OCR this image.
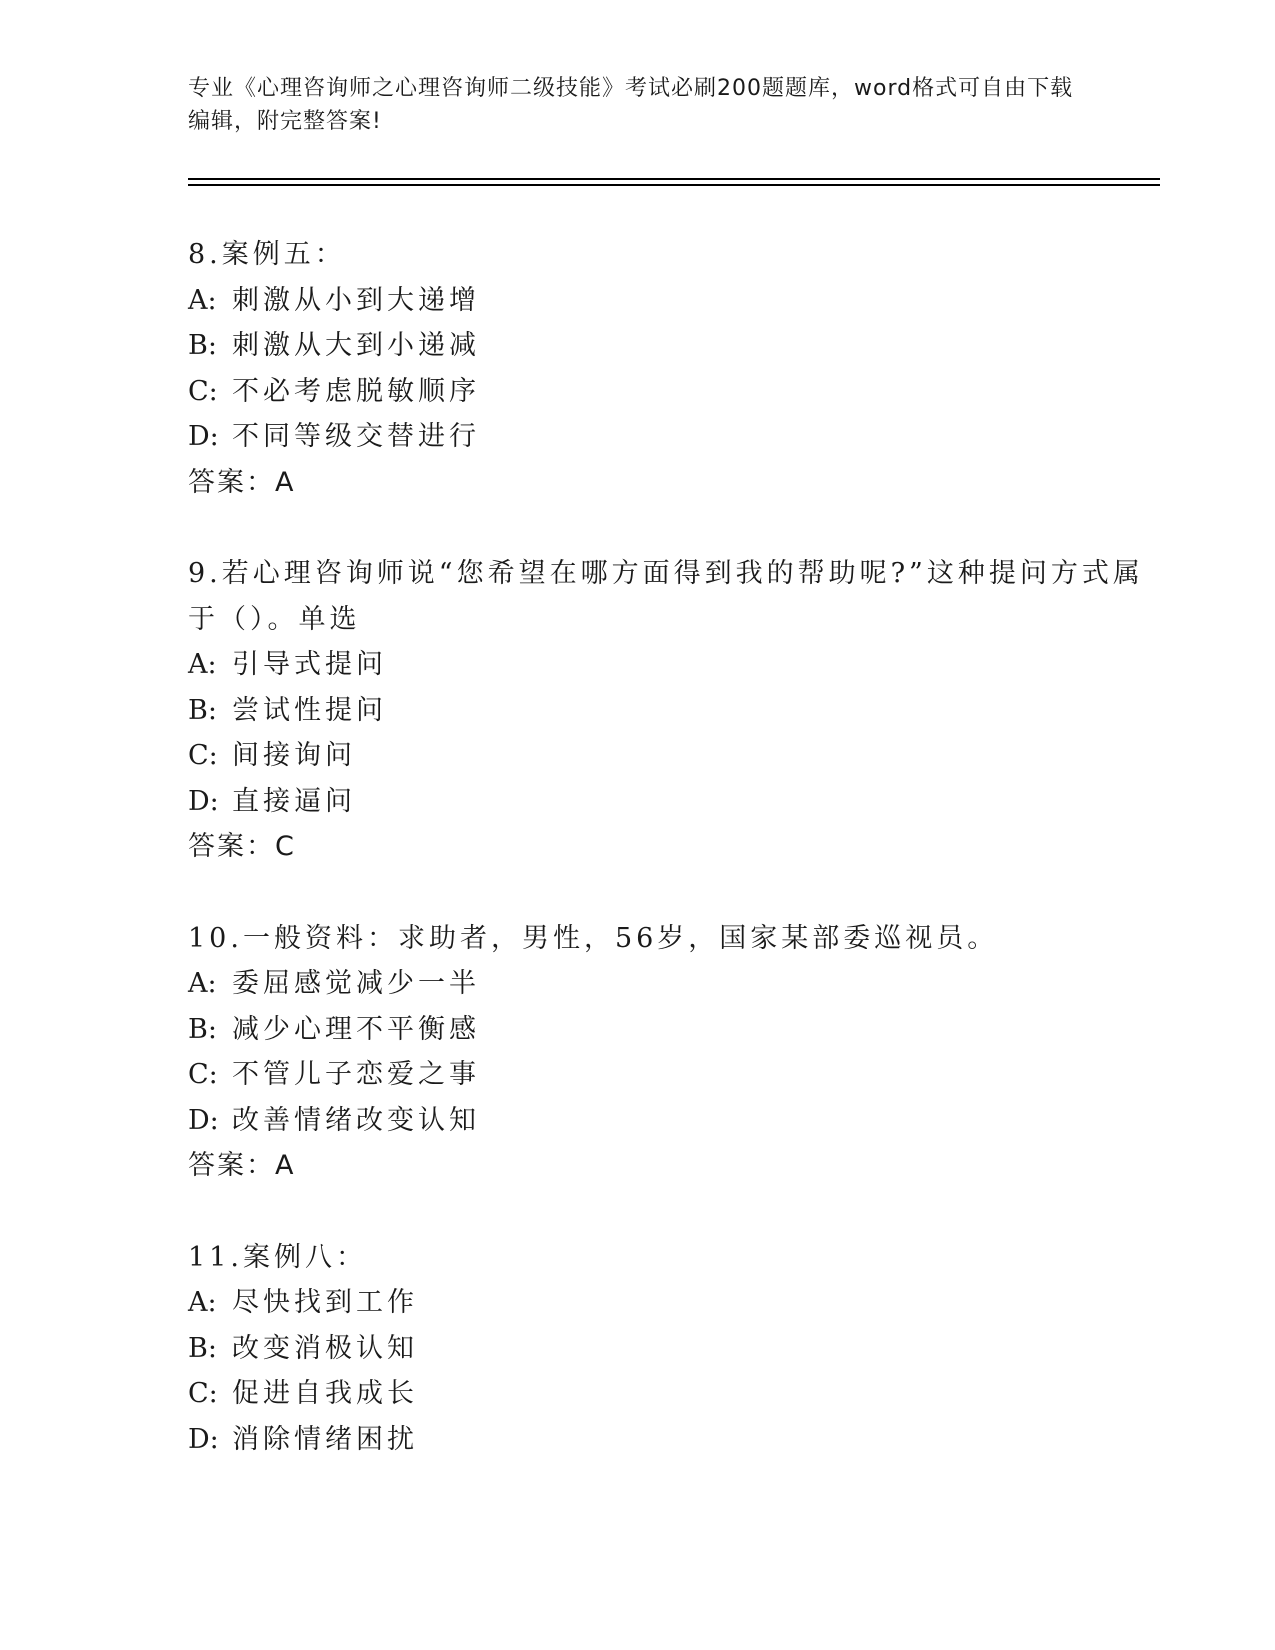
专业《心理咨询师之心理咨询师二级技能》考试必刷200题题库，word格式可自由下载编辑，附完整答案!
8.案例五：
A: 刺激从小到大递增
B: 刺激从大到小递减
C: 不必考虑脱敏顺序
D: 不同等级交替进行
答案：A
9.若心理咨询师说“您希望在哪方面得到我的帮助呢?”这种提问方式属于（）。单选
A: 引导式提问
B: 尝试性提问
C: 间接询问
D: 直接逼问
答案：C
10.一般资料：求助者，男性，56岁，国家某部委巡视员。
A: 委屈感觉减少一半
B: 减少心理不平衡感
C: 不管儿子恋爱之事
D: 改善情绪改变认知
答案：A
11.案例八：
A: 尽快找到工作
B: 改变消极认知
C: 促进自我成长
D: 消除情绪困扰
